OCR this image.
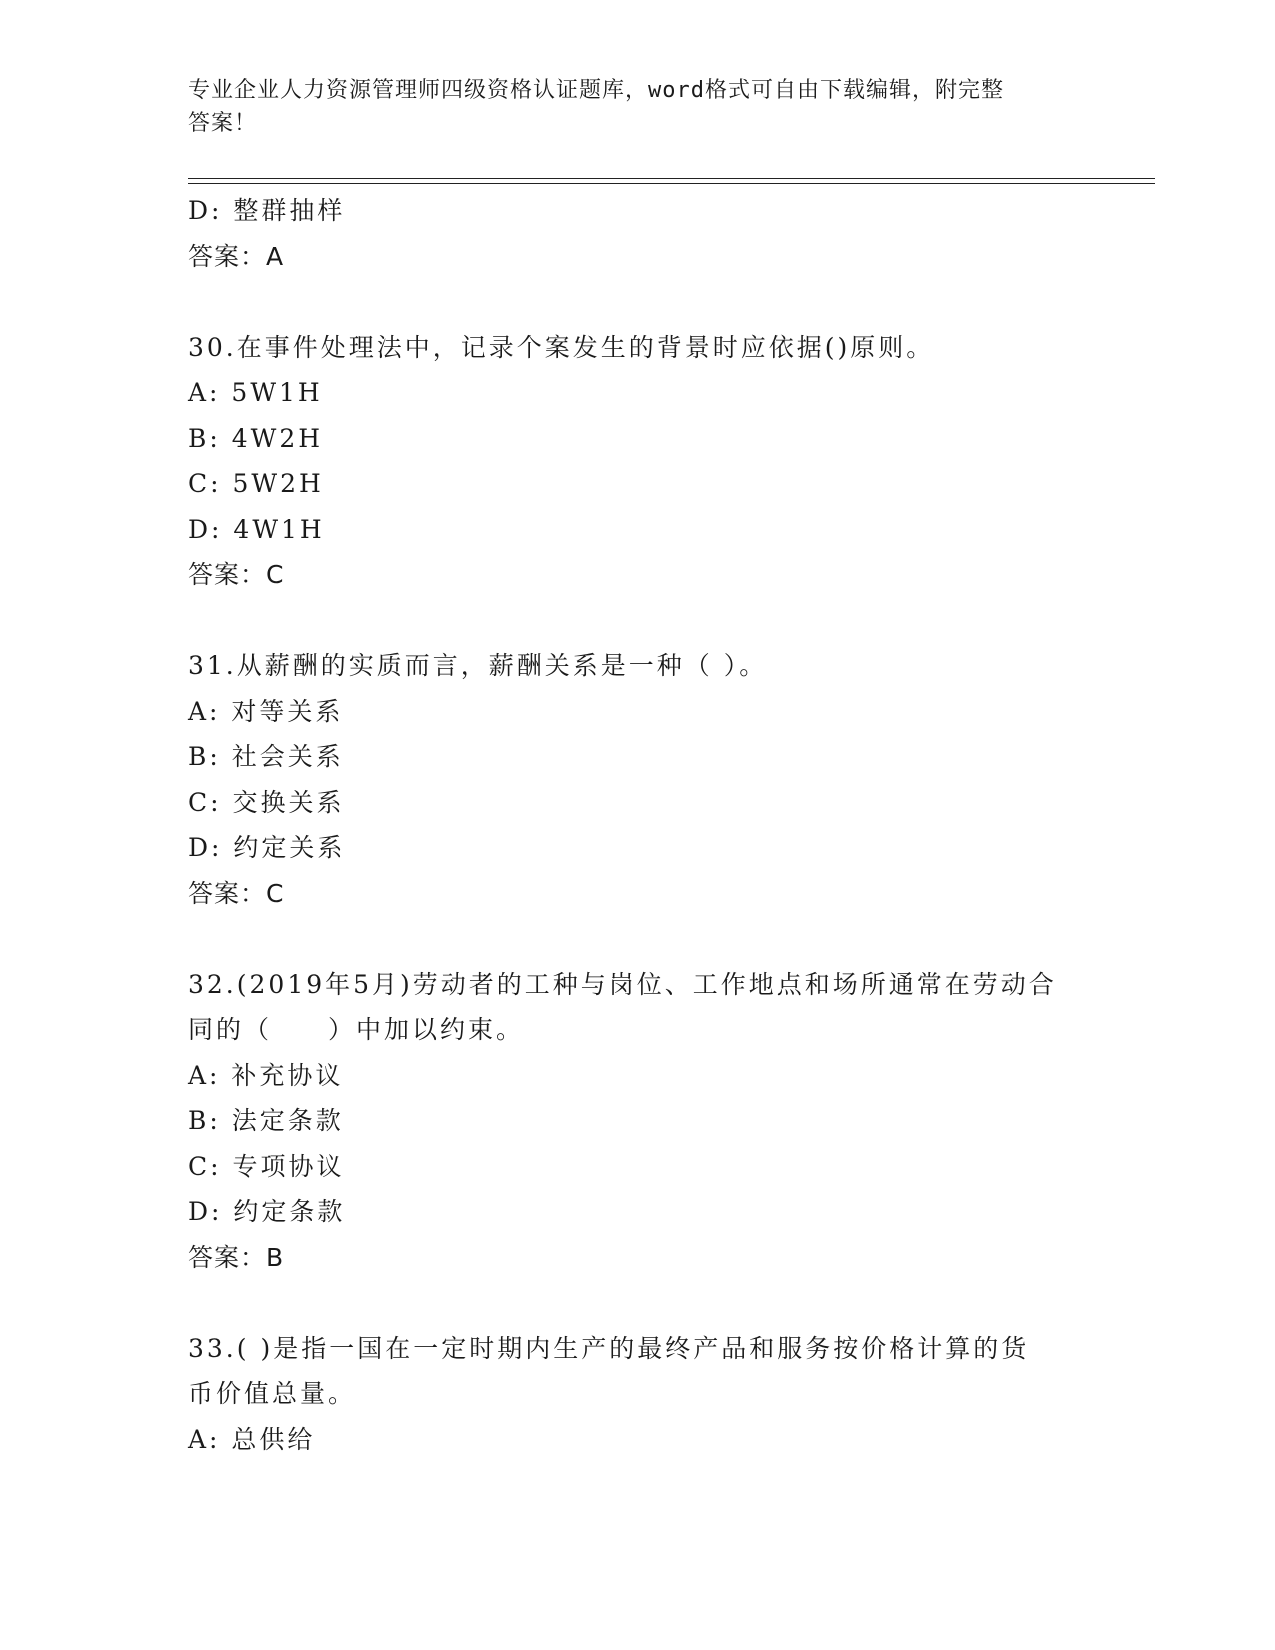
专业企业人力资源管理师四级资格认证题库，word格式可自由下载编辑，附完整
答案！
D: 整群抽样
答案：A
30.在事件处理法中，记录个案发生的背景时应依据()原则。
A: 5W1H
B: 4W2H
C: 5W2H
D: 4W1H
答案：C
31.从薪酬的实质而言，薪酬关系是一种（ ）。
A: 对等关系
B: 社会关系
C: 交换关系
D: 约定关系
答案：C
32.(2019年5月)劳动者的工种与岗位、工作地点和场所通常在劳动合
同的（　　）中加以约束。
A: 补充协议
B: 法定条款
C: 专项协议
D: 约定条款
答案：B
33.( )是指一国在一定时期内生产的最终产品和服务按价格计算的货
币价值总量。
A: 总供给
